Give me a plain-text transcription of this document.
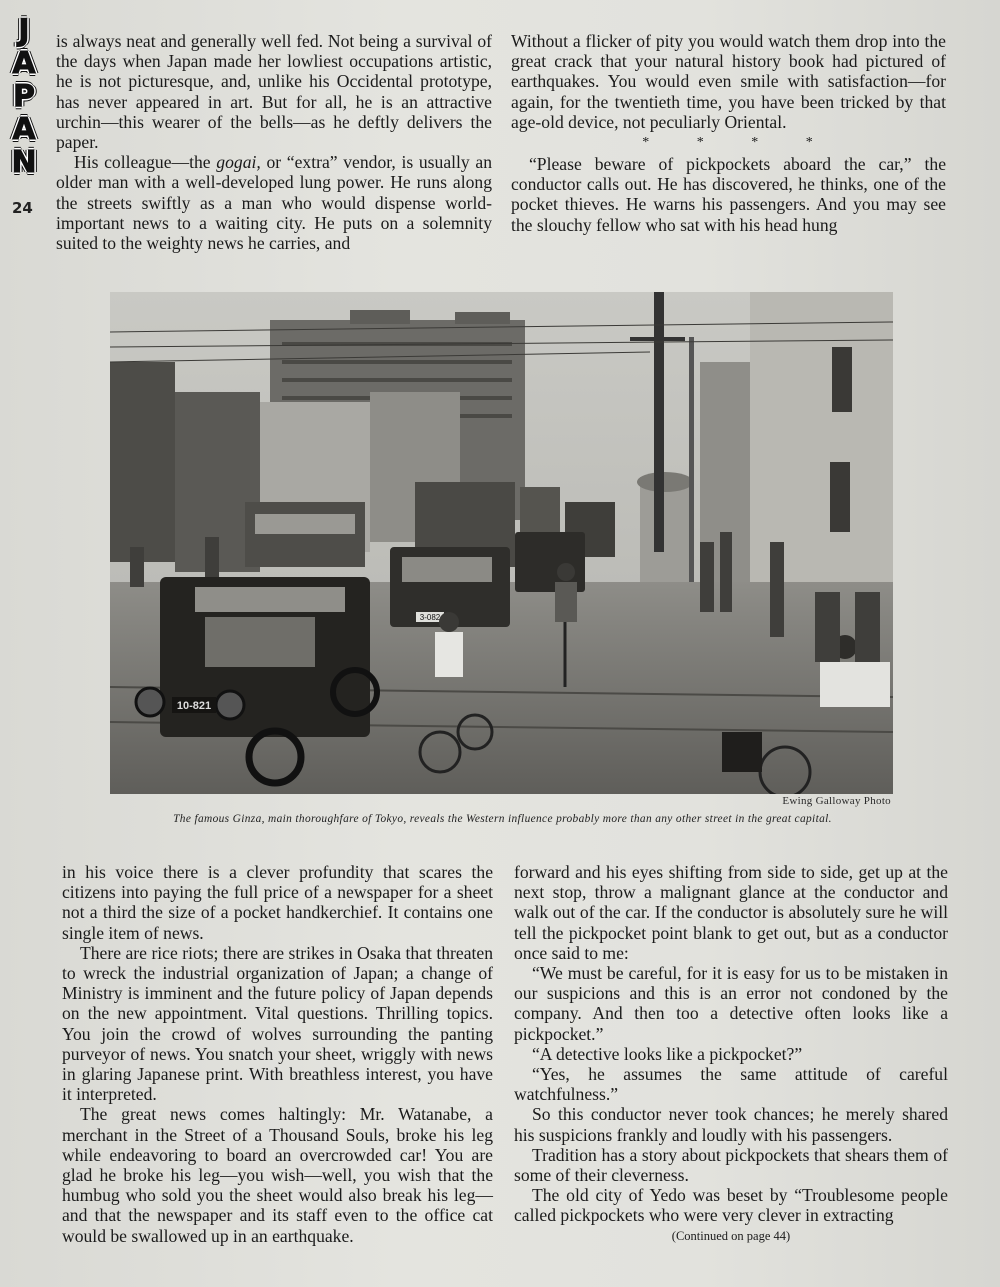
J
A
P
A
N
24

is always neat and generally well fed. Not being a survival of the days when Japan made her lowliest occupations artistic, he is not picturesque, and, unlike his Occidental prototype, has never appeared in art. But for all, he is an attractive urchin—this wearer of the bells—as he deftly delivers the paper.

His colleague—the gogai, or “extra” vendor, is usually an older man with a well-developed lung power. He runs along the streets swiftly as a man who would dispense world-important news to a waiting city. He puts on a solemnity suited to the weighty news he carries, and

Without a flicker of pity you would watch them drop into the great crack that your natural history book had pictured of earthquakes. You would even smile with satisfaction—for again, for the twentieth time, you have been tricked by that age-old device, not peculiarly Oriental.

* * * *

“Please beware of pickpockets aboard the car,” the conductor calls out. He has discovered, he thinks, one of the pocket thieves. He warns his passengers. And you may see the slouchy fellow who sat with his head hung

3-082
10-821
Ewing Galloway Photo
The famous Ginza, main thoroughfare of Tokyo, reveals the Western influence probably more than any other street in the great capital.

in his voice there is a clever profundity that scares the citizens into paying the full price of a newspaper for a sheet not a third the size of a pocket handkerchief. It contains one single item of news.

There are rice riots; there are strikes in Osaka that threaten to wreck the industrial organization of Japan; a change of Ministry is imminent and the future policy of Japan depends on the new appointment. Vital questions. Thrilling topics. You join the crowd of wolves surrounding the panting purveyor of news. You snatch your sheet, wriggly with news in glaring Japanese print. With breathless interest, you have it interpreted.

The great news comes haltingly: Mr. Watanabe, a merchant in the Street of a Thousand Souls, broke his leg while endeavoring to board an overcrowded car! You are glad he broke his leg—you wish—well, you wish that the humbug who sold you the sheet would also break his leg—and that the newspaper and its staff even to the office cat would be swallowed up in an earthquake.

forward and his eyes shifting from side to side, get up at the next stop, throw a malignant glance at the conductor and walk out of the car. If the conductor is absolutely sure he will tell the pickpocket point blank to get out, but as a conductor once said to me:

“We must be careful, for it is easy for us to be mistaken in our suspicions and this is an error not condoned by the company. And then too a detective often looks like a pickpocket.”

“A detective looks like a pickpocket?”

“Yes, he assumes the same attitude of careful watchfulness.”

So this conductor never took chances; he merely shared his suspicions frankly and loudly with his passengers.

Tradition has a story about pickpockets that shears them of some of their cleverness.

The old city of Yedo was beset by “Troublesome people called pickpockets who were very clever in extracting

(Continued on page 44)
